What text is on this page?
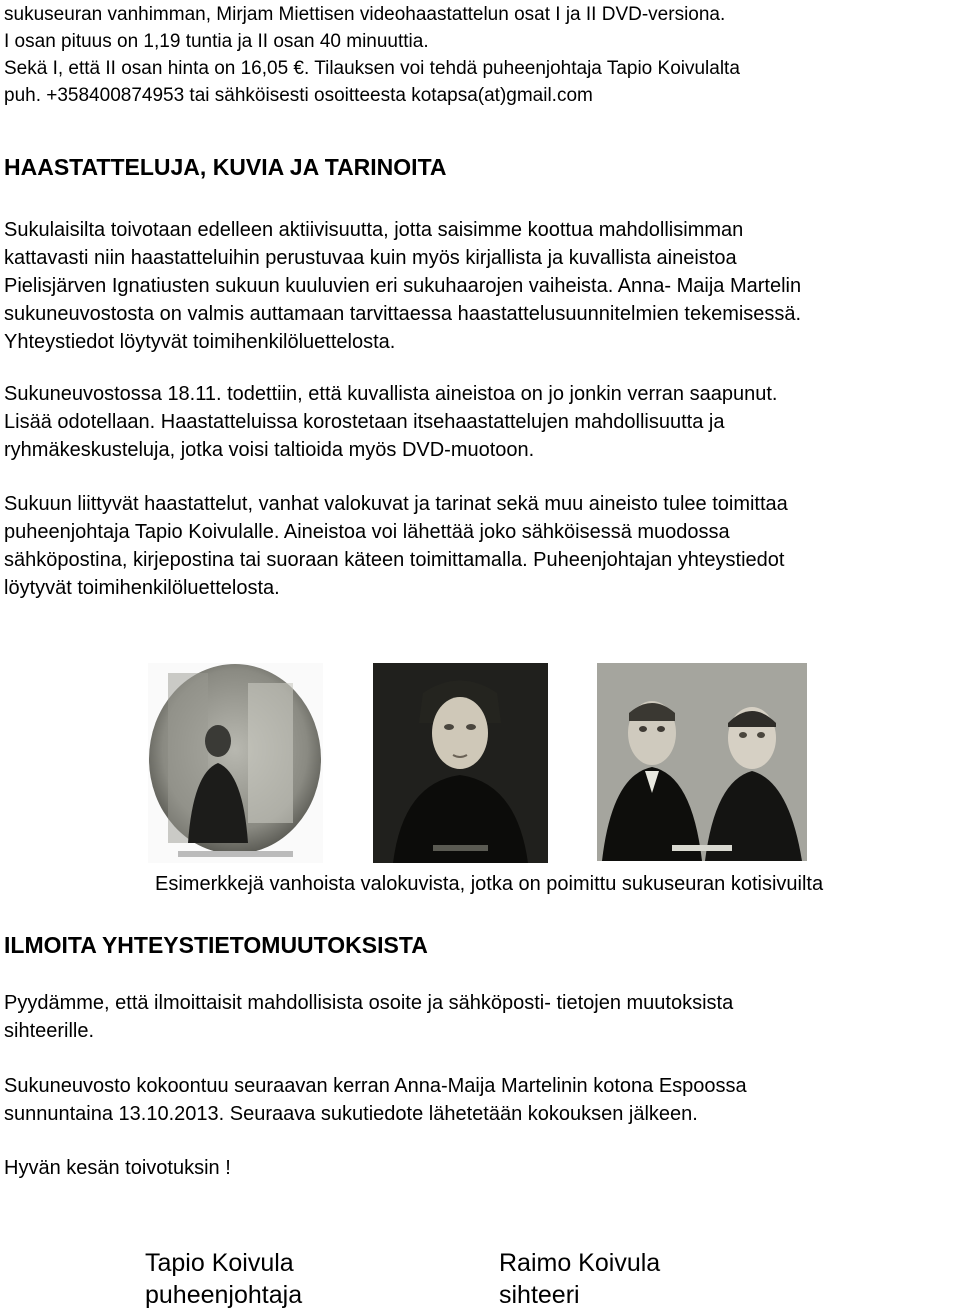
sukuseuran vanhimman, Mirjam Miettisen videohaastattelun osat I ja II DVD-versiona.
I osan pituus on 1,19 tuntia ja II osan 40 minuuttia.
Sekä I, että II osan hinta on 16,05 €. Tilauksen voi tehdä puheenjohtaja Tapio Koivulalta
puh. +358400874953 tai sähköisesti osoitteesta kotapsa(at)gmail.com
HAASTATTELUJA, KUVIA JA TARINOITA
Sukulaisilta toivotaan edelleen aktiivisuutta, jotta saisimme koottua mahdollisimman
kattavasti niin haastatteluihin perustuvaa kuin myös kirjallista ja kuvallista aineistoa
Pielisjärven Ignatiusten sukuun kuuluvien eri sukuhaarojen vaiheista. Anna- Maija Martelin
sukuneuvostosta on valmis auttamaan tarvittaessa haastattelusuunnitelmien tekemisessä.
Yhteystiedot löytyvät toimihenkilöluettelosta.
Sukuneuvostossa 18.11. todettiin, että kuvallista aineistoa on jo jonkin verran saapunut.
Lisää odotellaan. Haastatteluissa korostetaan itsehaastattelujen mahdollisuutta ja
ryhmäkeskusteluja, jotka voisi taltioida myös DVD-muotoon.
Sukuun liittyvät haastattelut, vanhat valokuvat ja tarinat sekä muu aineisto tulee toimittaa
puheenjohtaja Tapio Koivulalle. Aineistoa voi lähettää joko sähköisessä muodossa
sähköpostina, kirjepostina tai suoraan käteen toimittamalla. Puheenjohtajan yhteystiedot
löytyvät toimihenkilöluettelosta.
Esimerkkejä vanhoista valokuvista, jotka on poimittu sukuseuran kotisivuilta
ILMOITA YHTEYSTIETOMUUTOKSISTA
Pyydämme, että ilmoittaisit mahdollisista osoite ja sähköposti- tietojen muutoksista
sihteerille.
Sukuneuvosto kokoontuu seuraavan kerran Anna-Maija Martelinin kotona Espoossa
sunnuntaina 13.10.2013. Seuraava sukutiedote lähetetään kokouksen jälkeen.
Hyvän kesän toivotuksin !
Tapio Koivula
puheenjohtaja
Raimo Koivula
sihteeri
